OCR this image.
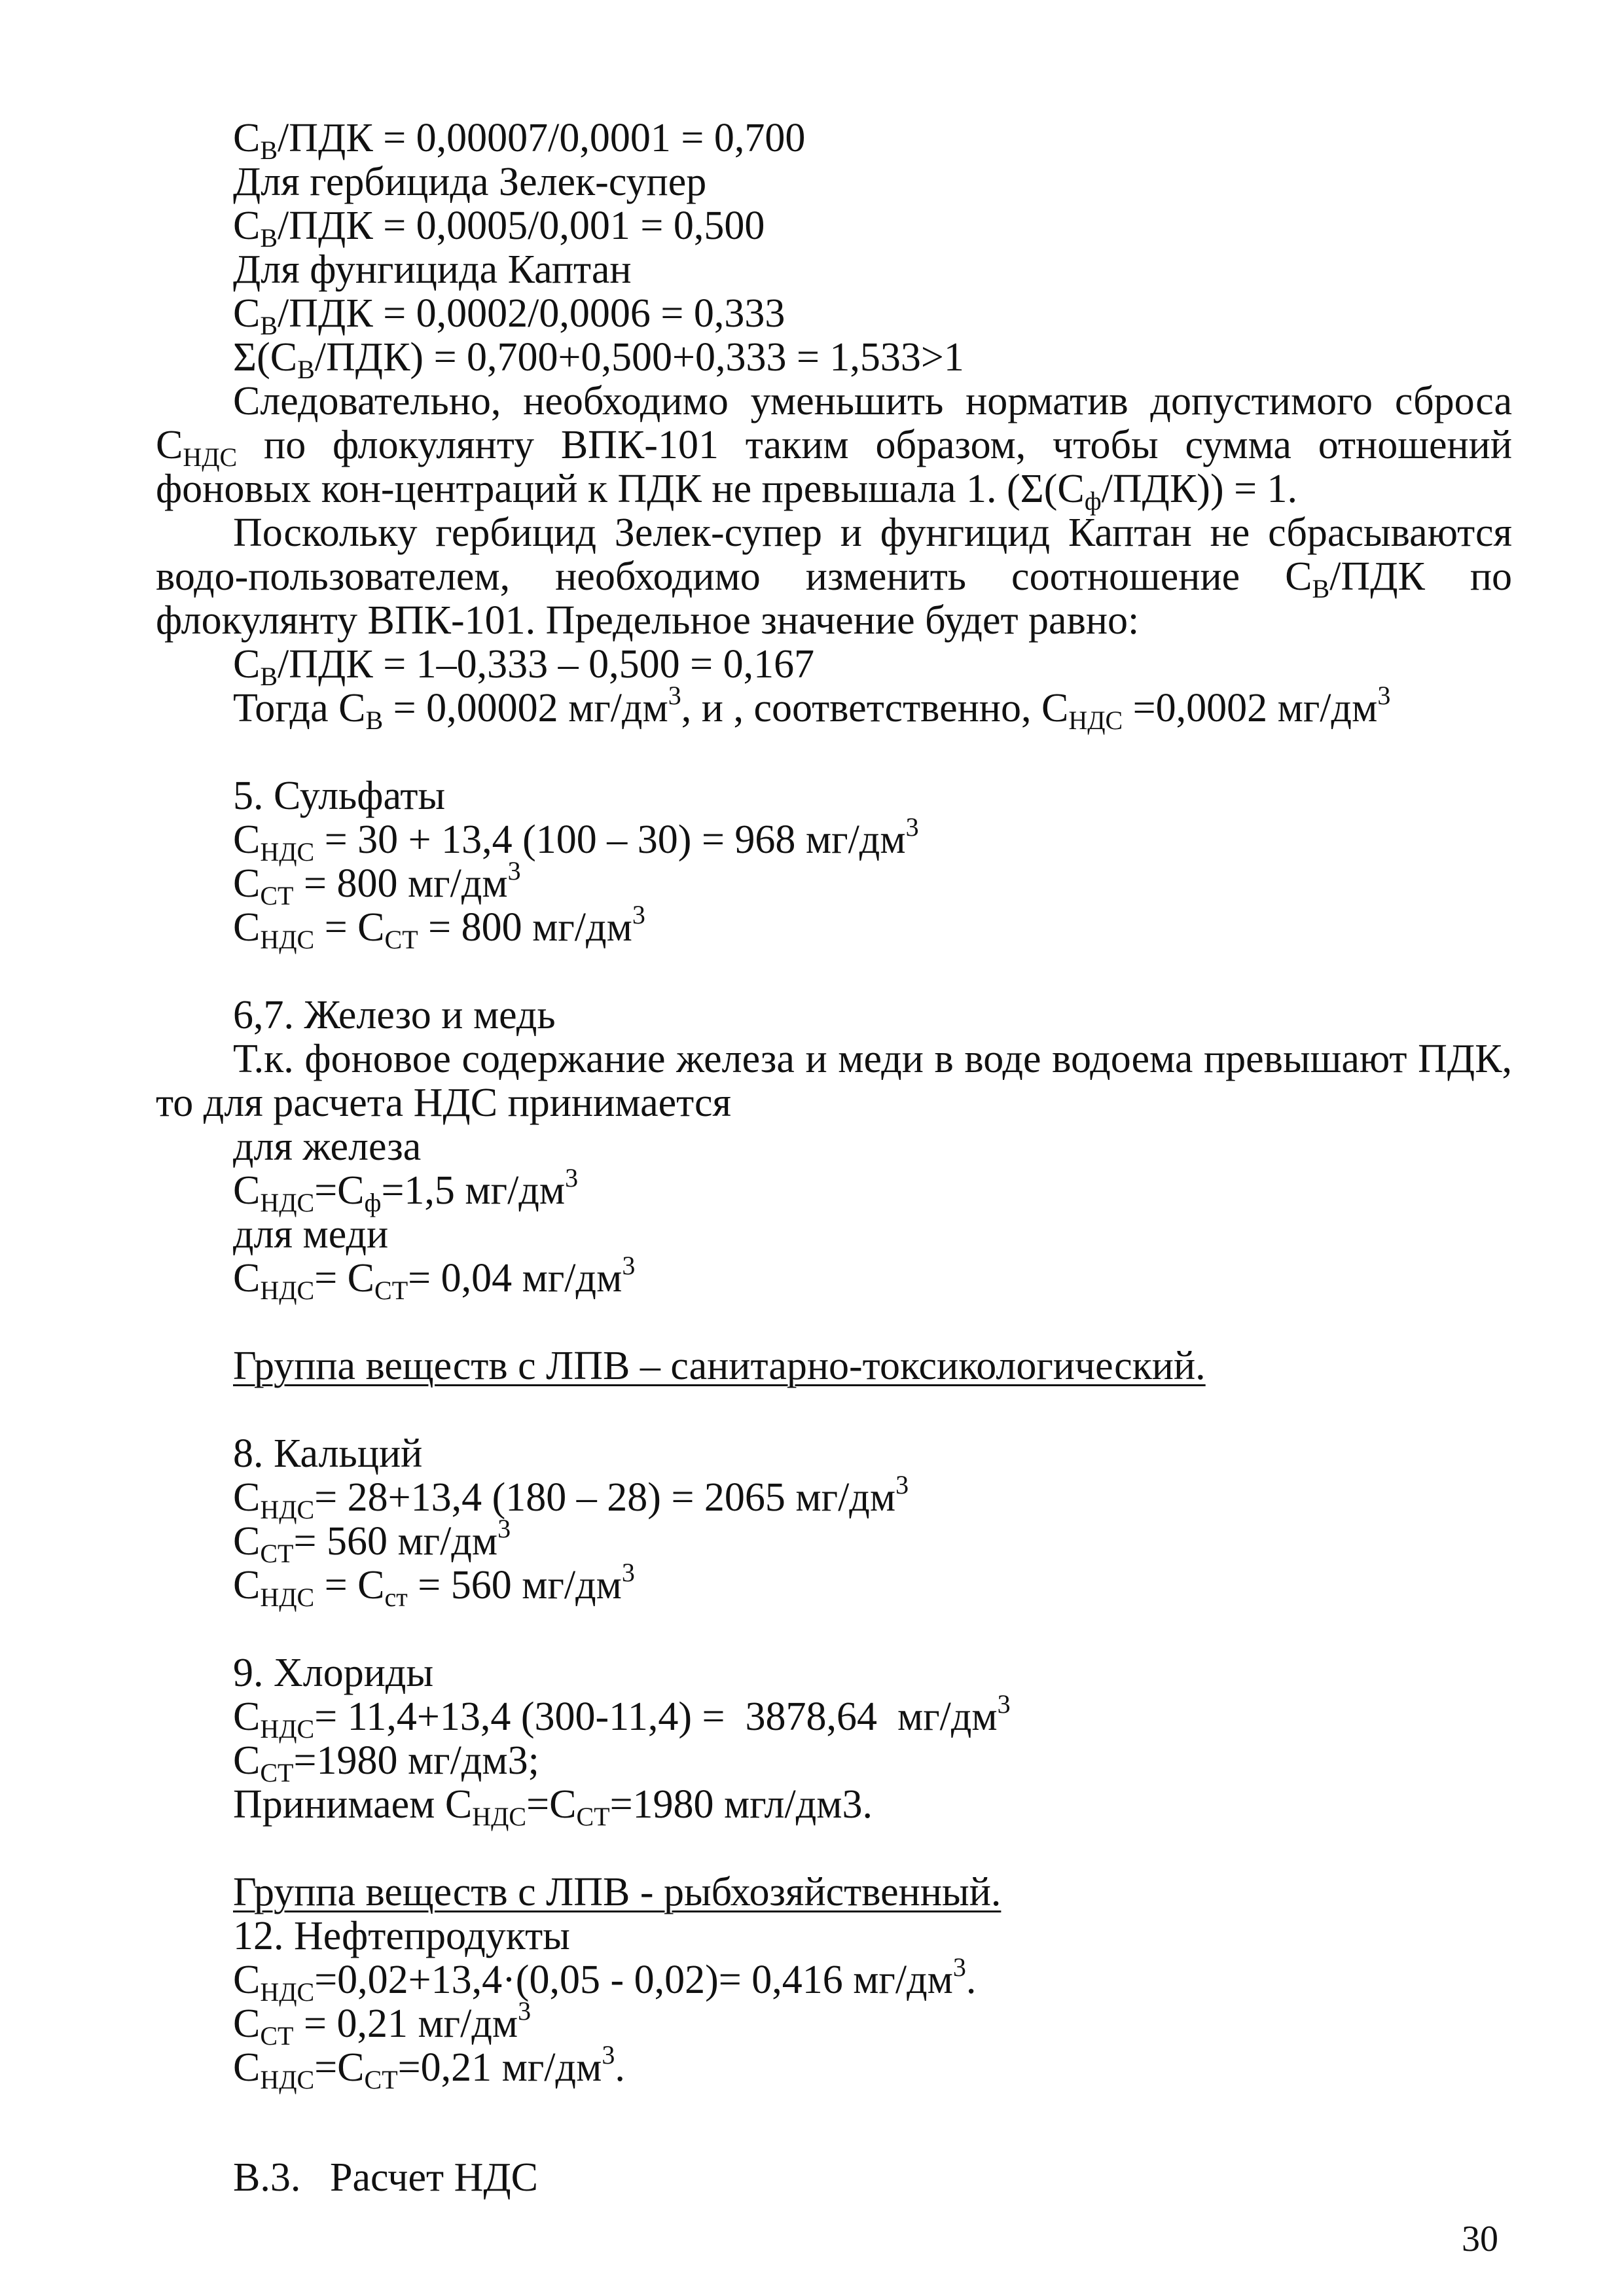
$С_В$/ПДК = 0,00007/0,0001 = 0,700
Для гербицида Зелек-супер
$С_В$/ПДК = 0,0005/0,001 = 0,500
Для фунгицида Каптан
$С_В$/ПДК = 0,0002/0,0006 = 0,333
$\Sigma(С_В/ПДК) = 0,700+0,500+0,333 = 1,533>1$
Следовательно, необходимо уменьшить норматив допустимого сброса $С_{НДС}$ по флокулянту ВПК-101 таким образом, чтобы сумма отношений фоновых кон-центраций к ПДК не превышала 1. $(\Sigma(С_ф/ПДК)) = 1$.
Поскольку гербицид Зелек-супер и фунгицид Каптан не сбрасываются водо-пользователем, необходимо изменить соотношение $С_В$/ПДК по флокулянту ВПК-101. Предельное значение будет равно:
$С_В$/ПДК = 1–0,333 – 0,500 = 0,167
Тогда $С_В = 0,00002$ $мг/дм^3$, и , соответственно, $С_{НДС} =0,0002$ $мг/дм^3$
5. Сульфаты
$С_{НДС} = 30 + 13,4$ (100 – 30) = 968 $мг/дм^3$
$С_{СТ} = 800$ $мг/дм^3$
$С_{НДС} = С_{СТ} = 800$ $мг/дм^3$
6,7. Железо и медь
Т.к. фоновое содержание железа и меди в воде водоема превышают ПДК, то для расчета НДС принимается
для железа
$С_{НДС}=С_ф=1,5$ $мг/дм^3$
для меди
$С_{НДС}= С_{СТ}= 0,04$ $мг/дм^3$
Группа веществ с ЛПВ – санитарно-токсикологический.
8. Кальций
$С_{НДС}= 28+13,4$ (180 – 28) = 2065 $мг/дм^3$
$С_{СТ}= 560$ $мг/дм^3$
$С_{НДС} = С_{ст} = 560$ $мг/дм^3$
9. Хлориды
$С_{НДС}= 11,4+13,4$ (300-11,4) =  3878,64  $мг/дм^3$
$С_{СТ}=1980$ мг/дм3;
Принимаем $С_{НДС}=С_{СТ}=1980$ мгл/дм3.
Группа веществ с ЛПВ - рыбхозяйственный.
12. Нефтепродукты
$С_{НДС}=0,02+13,4\cdot(0,05 - 0,02)= 0,416$ $мг/дм^3$.
$С_{СТ} = 0,21$ $мг/дм^3$
$С_{НДС}=С_{СТ}=0,21$ $мг/дм^3$.
В.3. Расчет НДС
30
